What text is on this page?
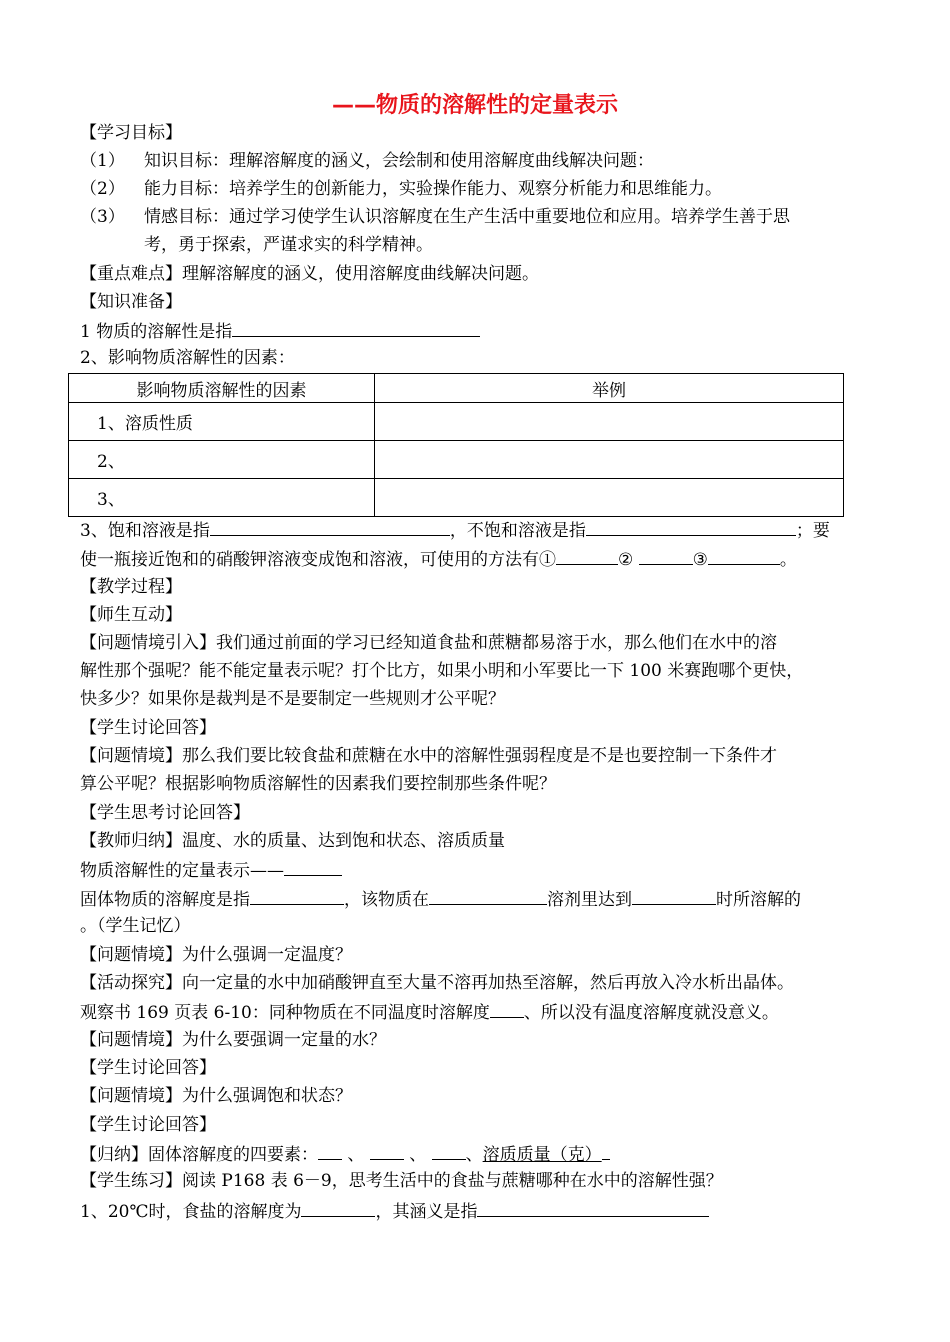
——物质的溶解性的定量表示
【学习目标】
（1） 知识目标：理解溶解度的涵义，会绘制和使用溶解度曲线解决问题：
（2） 能力目标：培养学生的创新能力，实验操作能力、观察分析能力和思维能力。
（3） 情感目标：通过学习使学生认识溶解度在生产生活中重要地位和应用。培养学生善于思
考，勇于探索，严谨求实的科学精神。
【重点难点】理解溶解度的涵义，使用溶解度曲线解决问题。
【知识准备】
1 物质的溶解性是指
2、影响物质溶解性的因素：
影响物质溶解性的因素	举例
1、溶质性质	
2、	
3、	
3、饱和溶液是指	，不饱和溶液是指	；要
使一瓶接近饱和的硝酸钾溶液变成饱和溶液，可使用的方法有①	②	③	。
【教学过程】
【师生互动】
【问题情境引入】我们通过前面的学习已经知道食盐和蔗糖都易溶于水，那么他们在水中的溶
解性那个强呢？能不能定量表示呢？打个比方，如果小明和小军要比一下 100 米赛跑哪个更快，
快多少？如果你是裁判是不是要制定一些规则才公平呢？
【学生讨论回答】
【问题情境】那么我们要比较食盐和蔗糖在水中的溶解性强弱程度是不是也要控制一下条件才
算公平呢？根据影响物质溶解性的因素我们要控制那些条件呢？
【学生思考讨论回答】
【教师归纳】温度、水的质量、达到饱和状态、溶质质量
物质溶解性的定量表示——
固体物质的溶解度是指	，该物质在	溶剂里达到	时所溶解的
。（学生记忆）
【问题情境】为什么强调一定温度？
【活动探究】向一定量的水中加硝酸钾直至大量不溶再加热至溶解，然后再放入冷水析出晶体。
观察书 169 页表 6-10：同种物质在不同温度时溶解度 、所以没有温度溶解度就没意义。
【问题情境】为什么要强调一定量的水？
【学生讨论回答】
【问题情境】为什么强调饱和状态？
【学生讨论回答】
【归纳】固体溶解度的四要素： 、	、 、溶质质量（克）
【学生练习】阅读 P168 表 6－9，思考生活中的食盐与蔗糖哪种在水中的溶解性强？
1、20℃时，食盐的溶解度为	，其涵义是指
